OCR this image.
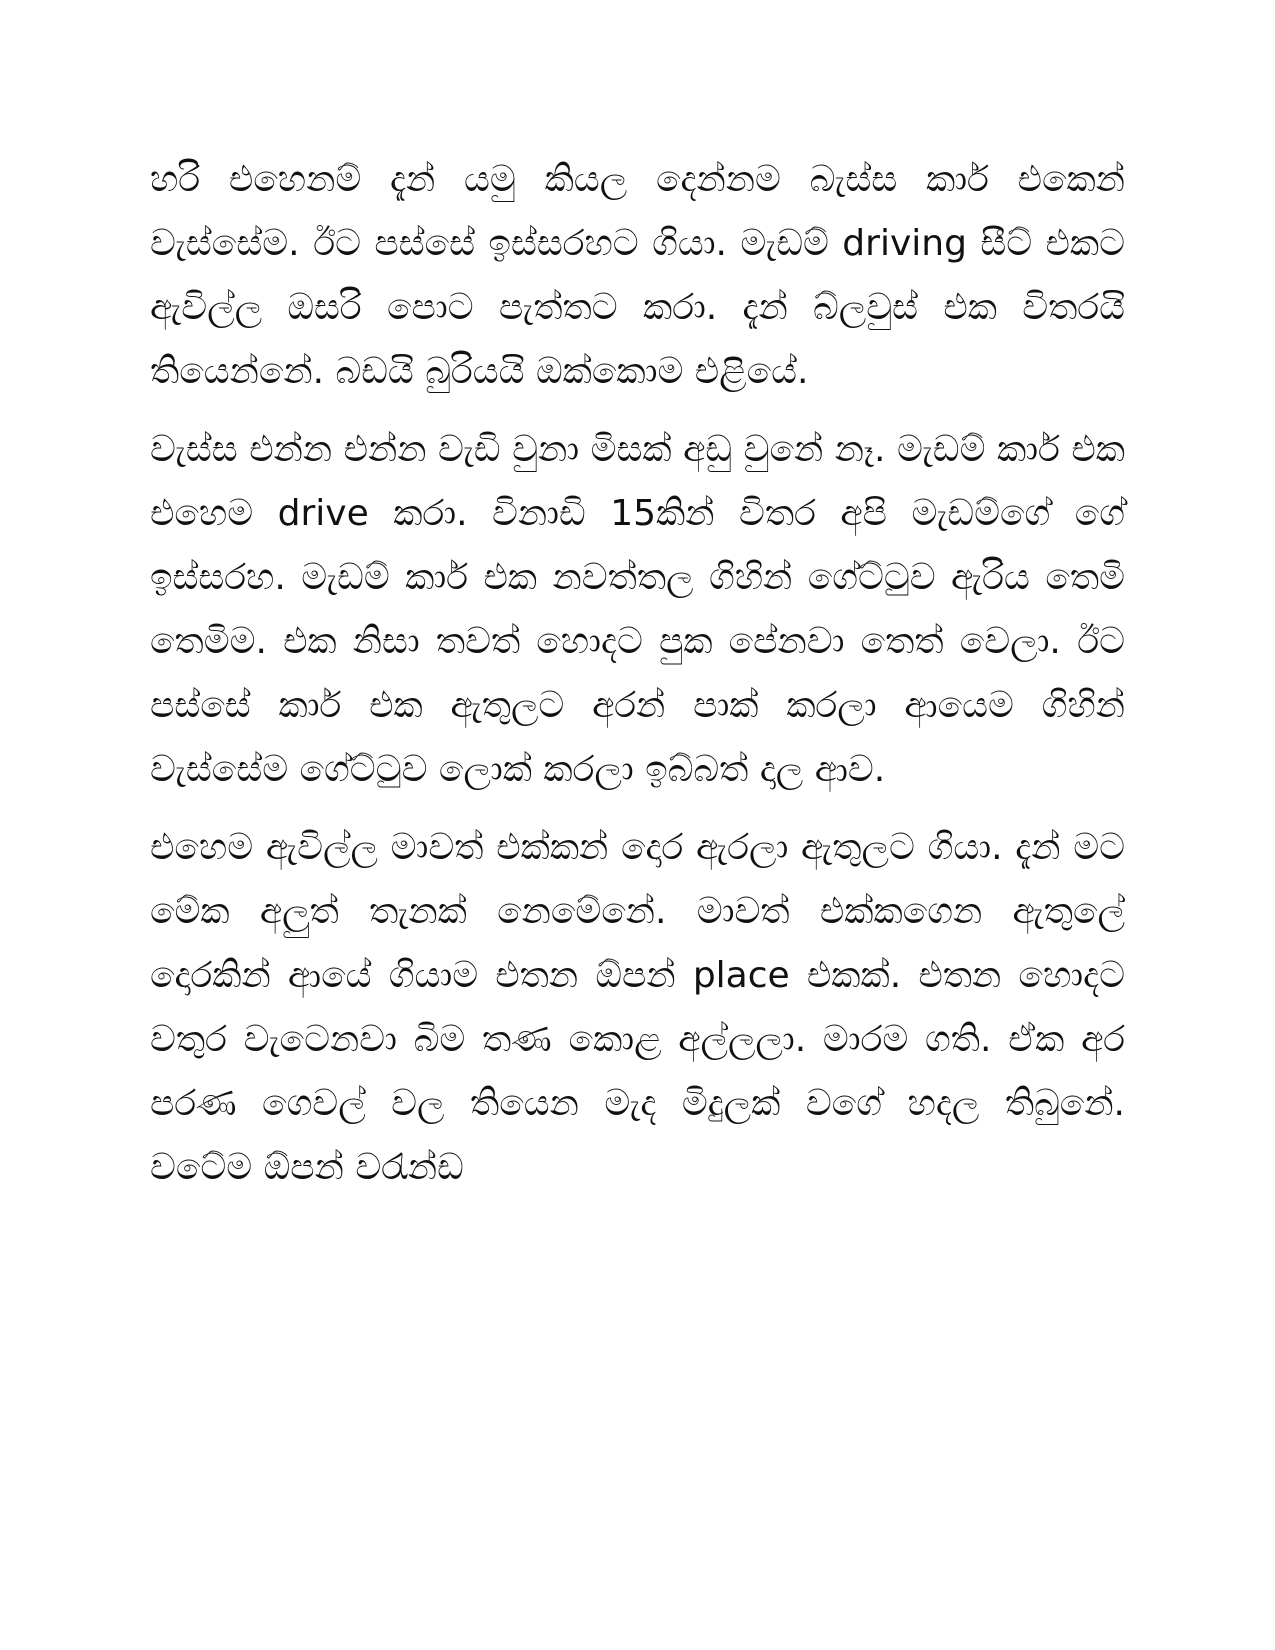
හරි එහෙනම් දැන් යමු කියල දෙන්නම බැස්ස කාර් එකෙන් වැස්සේම. ඊට පස්සේ ඉස්සරහට ගියා. මැඩම් driving සීට් එකට ඇවිල්ල ඔසරි පොට පැත්තට කරා. දැන් බ්ලවුස් එක විතරයි තියෙන්නේ. බඩයි බුරියයි ඔක්කොම එළියේ.

වැස්ස එන්න එන්න වැඩි වුනා මිසක් අඩු වුනේ නෑ. මැඩම් කාර් එක එහෙම drive කරා. විනාඩි 15කින් විතර අපි මැඩම්ගේ ගේ ඉස්සරහ. මැඩම් කාර් එක නවත්තල ගිහින් ගේට්ටුව ඇරිය තෙමි තෙමිම. එක නිසා තවත් හොදට පුක පේනවා තෙත් වෙලා. ඊට පස්සේ කාර් එක ඇතුලට අරන් පාක් කරලා ආයෙම ගිහින් වැස්සේම ගේට්ටුව ලොක් කරලා ඉබ්බත් දාල ආව.

එහෙම ඇවිල්ල මාවත් එක්කන් දොර ඇරලා ඇතුලට ගියා. දැන් මට මේක අලුත් තැනක් නෙමේනේ. මාවත් එක්කගෙන ඇතුලේ දොරකින් ආයේ ගියාම එතන ඕපන් place එකක්. එතන හොදට වතුර වැටෙනවා බිම තණ කොළ අල්ලලා. මාරම ගති. ඒක අර පරණ ගෙවල් වල තියෙන මැද මිදුලක් වගේ හදල තිබුනේ. වටේම ඕපන් වරැන්ඩ
